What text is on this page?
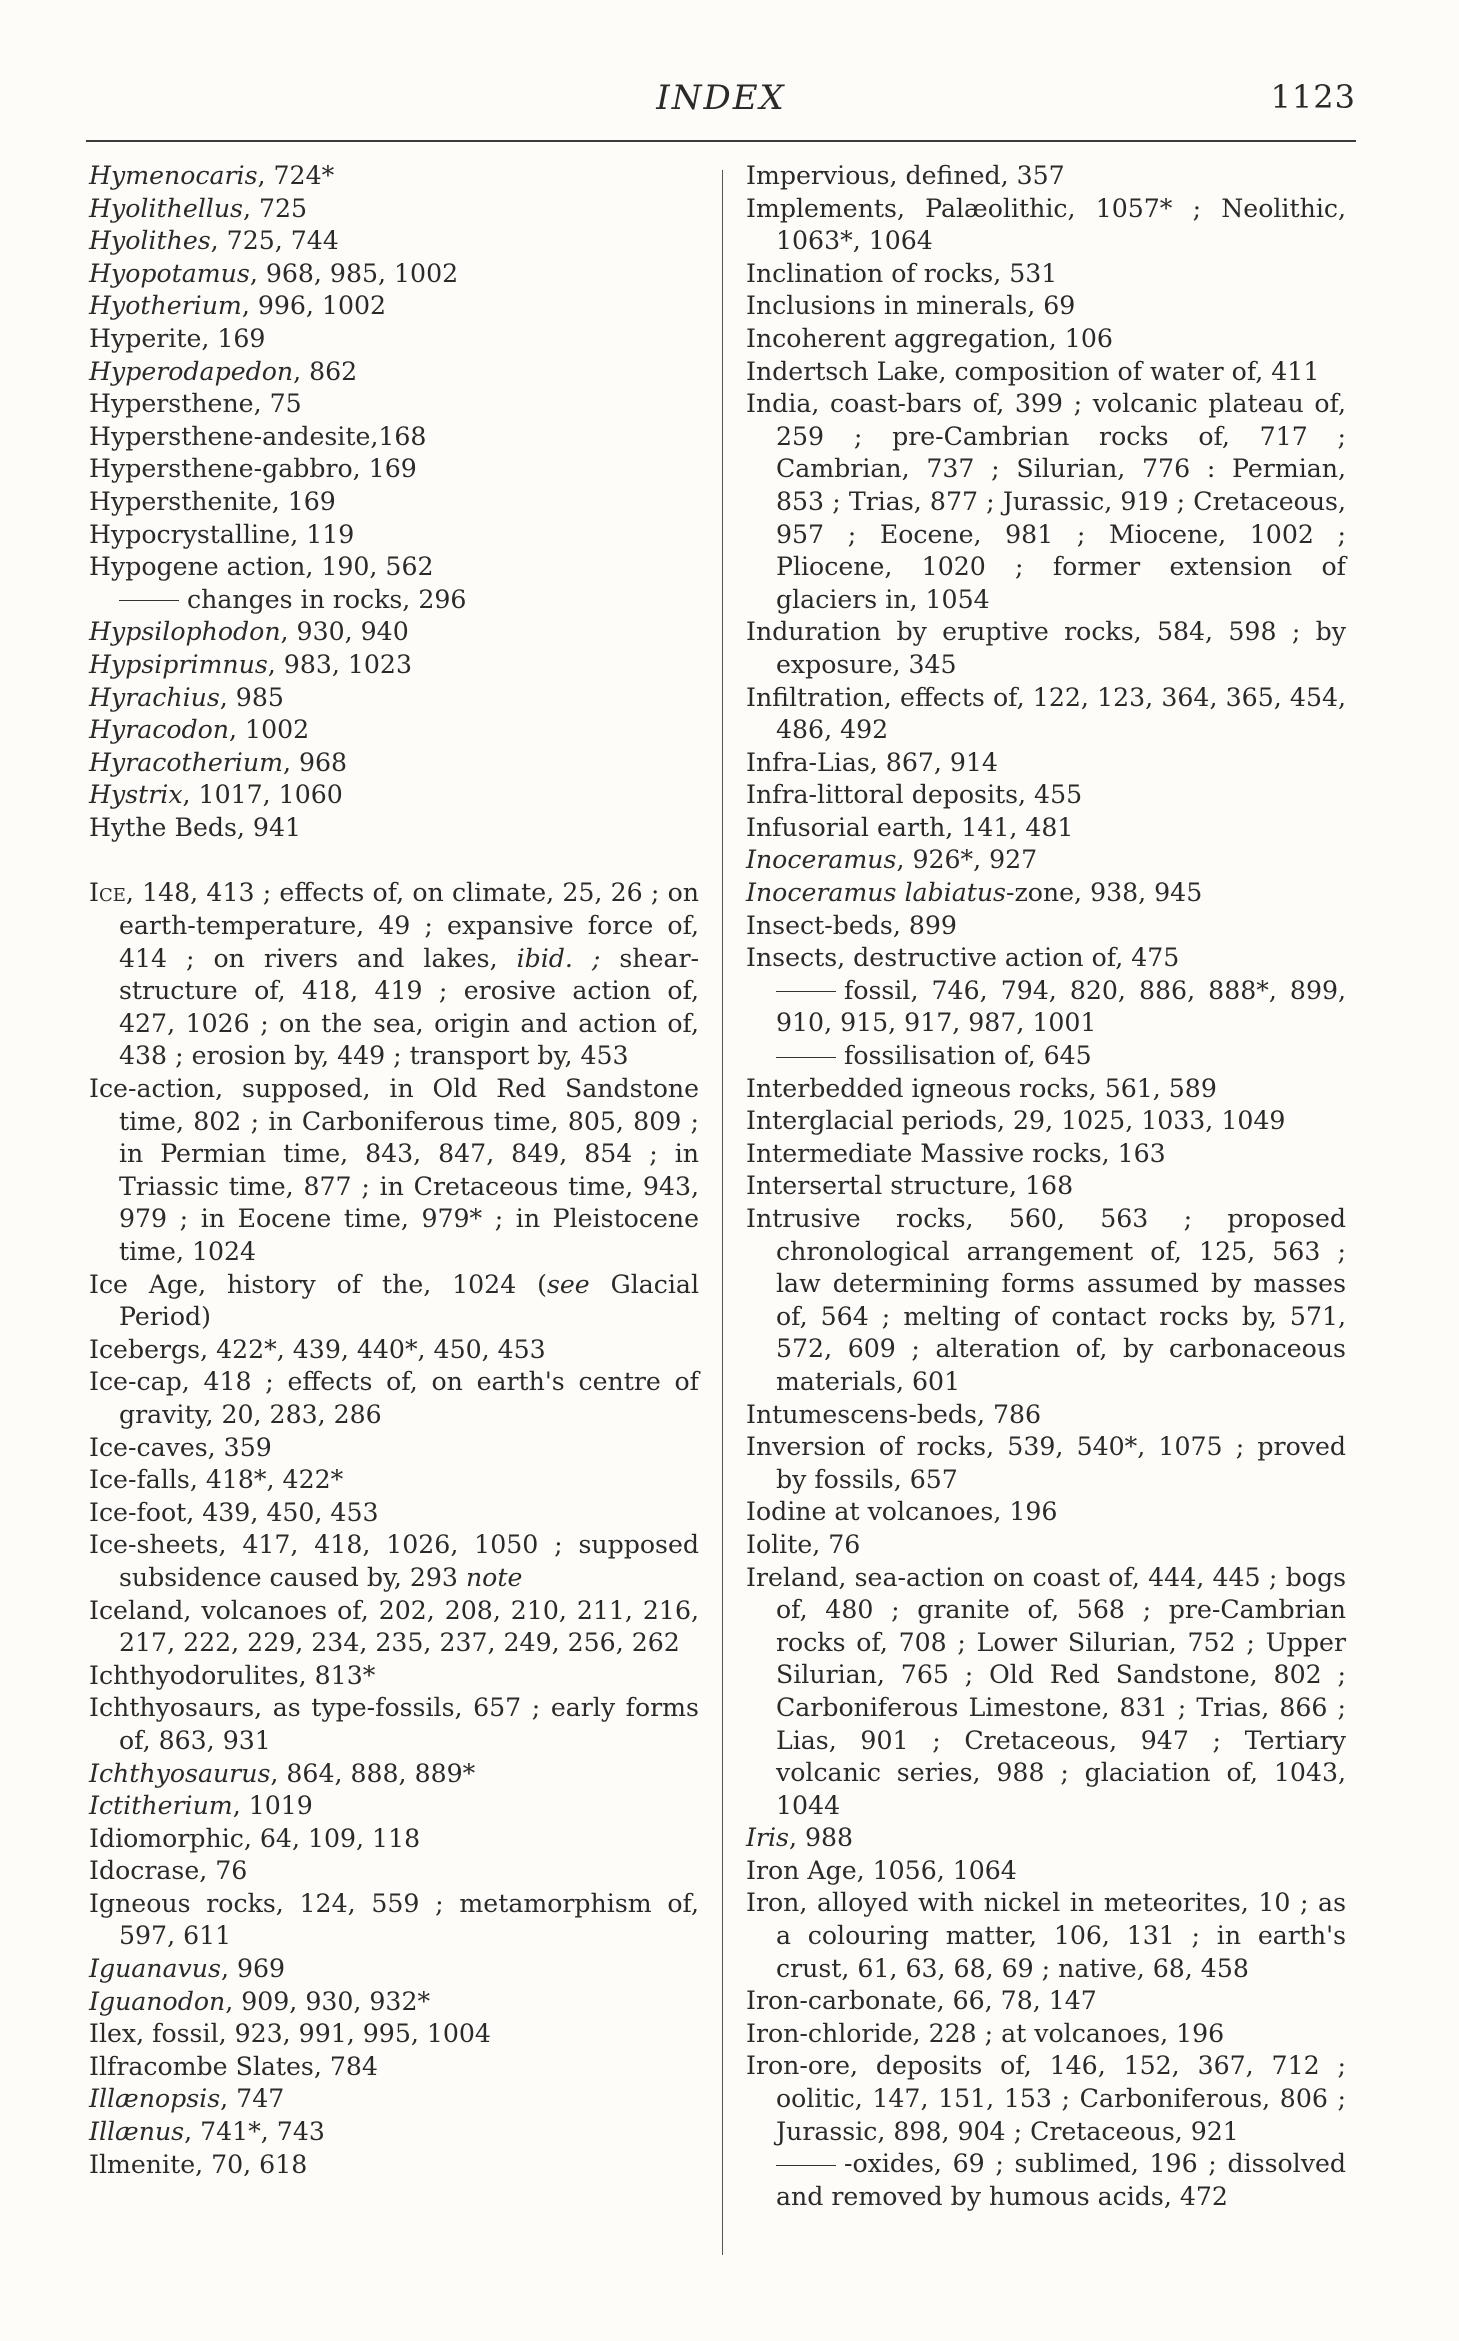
INDEX	1123
Hymenocaris, 724*
Hyolithellus, 725
Hyolithes, 725, 744
Hyopotamus, 968, 985, 1002
Hyotherium, 996, 1002
Hyperite, 169
Hyperodapedon, 862
Hypersthene, 75
Hypersthene-andesite,168
Hypersthene-gabbro, 169
Hypersthenite, 169
Hypocrystalline, 119
Hypogene action, 190, 562
changes in rocks, 296
Hypsilophodon, 930, 940
Hypsiprimnus, 983, 1023
Hyrachius, 985
Hyracodon, 1002
Hyracotherium, 968
Hystrix, 1017, 1060
Hythe Beds, 941
Ice, 148, 413 ; effects of, on climate, 25, 26 ; on earth-temperature, 49 ; expansive force of, 414 ; on rivers and lakes, ibid. ; shear-structure of, 418, 419 ; erosive action of, 427, 1026 ; on the sea, origin and action of, 438 ; erosion by, 449 ; transport by, 453
Ice-action, supposed, in Old Red Sandstone time, 802 ; in Carboniferous time, 805, 809 ; in Permian time, 843, 847, 849, 854 ; in Triassic time, 877 ; in Cretaceous time, 943, 979 ; in Eocene time, 979* ; in Pleistocene time, 1024
Ice Age, history of the, 1024 (see Glacial Period)
Icebergs, 422*, 439, 440*, 450, 453
Ice-cap, 418 ; effects of, on earth's centre of gravity, 20, 283, 286
Ice-caves, 359
Ice-falls, 418*, 422*
Ice-foot, 439, 450, 453
Ice-sheets, 417, 418, 1026, 1050 ; supposed subsidence caused by, 293 note
Iceland, volcanoes of, 202, 208, 210, 211, 216, 217, 222, 229, 234, 235, 237, 249, 256, 262
Ichthyodorulites, 813*
Ichthyosaurs, as type-fossils, 657 ; early forms of, 863, 931
Ichthyosaurus, 864, 888, 889*
Ictitherium, 1019
Idiomorphic, 64, 109, 118
Idocrase, 76
Igneous rocks, 124, 559 ; metamorphism of, 597, 611
Iguanavus, 969
Iguanodon, 909, 930, 932*
Ilex, fossil, 923, 991, 995, 1004
Ilfracombe Slates, 784
Illænopsis, 747
Illænus, 741*, 743
Ilmenite, 70, 618
Impervious, defined, 357
Implements, Palæolithic, 1057* ; Neolithic, 1063*, 1064
Inclination of rocks, 531
Inclusions in minerals, 69
Incoherent aggregation, 106
Indertsch Lake, composition of water of, 411
India, coast-bars of, 399 ; volcanic plateau of, 259 ; pre-Cambrian rocks of, 717 ; Cambrian, 737 ; Silurian, 776 : Permian, 853 ; Trias, 877 ; Jurassic, 919 ; Cretaceous, 957 ; Eocene, 981 ; Miocene, 1002 ; Pliocene, 1020 ; former extension of glaciers in, 1054
Induration by eruptive rocks, 584, 598 ; by exposure, 345
Infiltration, effects of, 122, 123, 364, 365, 454, 486, 492
Infra-Lias, 867, 914
Infra-littoral deposits, 455
Infusorial earth, 141, 481
Inoceramus, 926*, 927
Inoceramus labiatus-zone, 938, 945
Insect-beds, 899
Insects, destructive action of, 475
fossil, 746, 794, 820, 886, 888*, 899, 910, 915, 917, 987, 1001
fossilisation of, 645
Interbedded igneous rocks, 561, 589
Interglacial periods, 29, 1025, 1033, 1049
Intermediate Massive rocks, 163
Intersertal structure, 168
Intrusive rocks, 560, 563 ; proposed chronological arrangement of, 125, 563 ; law determining forms assumed by masses of, 564 ; melting of contact rocks by, 571, 572, 609 ; alteration of, by carbonaceous materials, 601
Intumescens-beds, 786
Inversion of rocks, 539, 540*, 1075 ; proved by fossils, 657
Iodine at volcanoes, 196
Iolite, 76
Ireland, sea-action on coast of, 444, 445 ; bogs of, 480 ; granite of, 568 ; pre-Cambrian rocks of, 708 ; Lower Silurian, 752 ; Upper Silurian, 765 ; Old Red Sandstone, 802 ; Carboniferous Limestone, 831 ; Trias, 866 ; Lias, 901 ; Cretaceous, 947 ; Tertiary volcanic series, 988 ; glaciation of, 1043, 1044
Iris, 988
Iron Age, 1056, 1064
Iron, alloyed with nickel in meteorites, 10 ; as a colouring matter, 106, 131 ; in earth's crust, 61, 63, 68, 69 ; native, 68, 458
Iron-carbonate, 66, 78, 147
Iron-chloride, 228 ; at volcanoes, 196
Iron-ore, deposits of, 146, 152, 367, 712 ; oolitic, 147, 151, 153 ; Carboniferous, 806 ; Jurassic, 898, 904 ; Cretaceous, 921
-oxides, 69 ; sublimed, 196 ; dissolved and removed by humous acids, 472
